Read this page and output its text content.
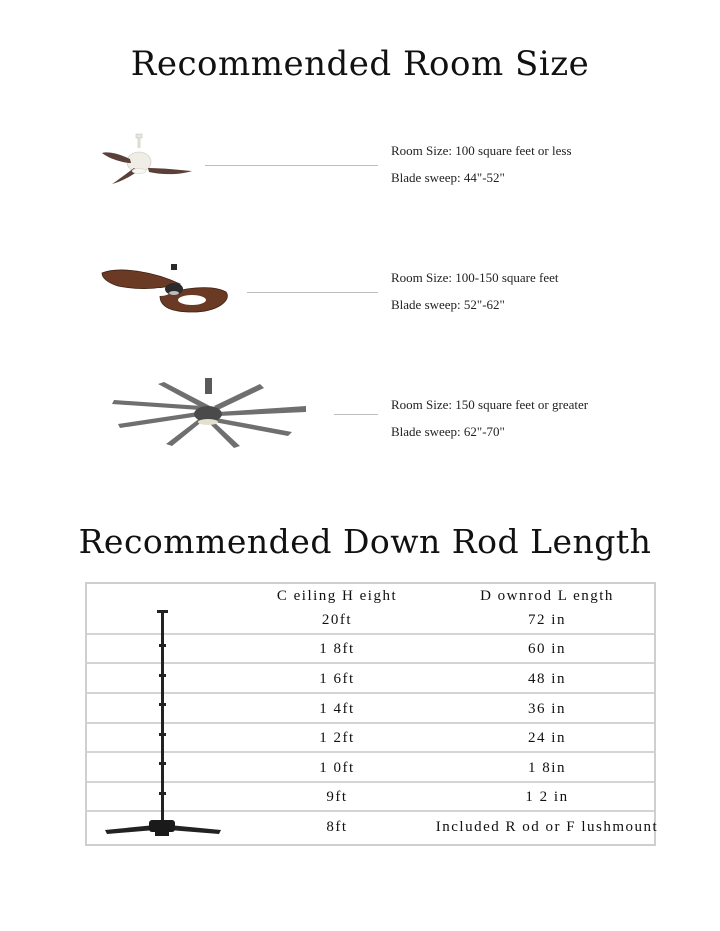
Recommended Room Size
Room Size: 100 square feet or less
Blade sweep: 44"-52"
Room Size: 100-150 square feet
Blade sweep: 52"-62"
Room Size: 150 square feet or greater
Blade sweep: 62"-70"
Recommended Down Rod Length
C eiling H eight	D ownrod L ength
20ft	72 in
1 8ft	60 in
1 6ft	48 in
1 4ft	36 in
1 2ft	24 in
1 0ft	1 8in
9ft	1 2 in
8ft	Included R od or F lushmount
